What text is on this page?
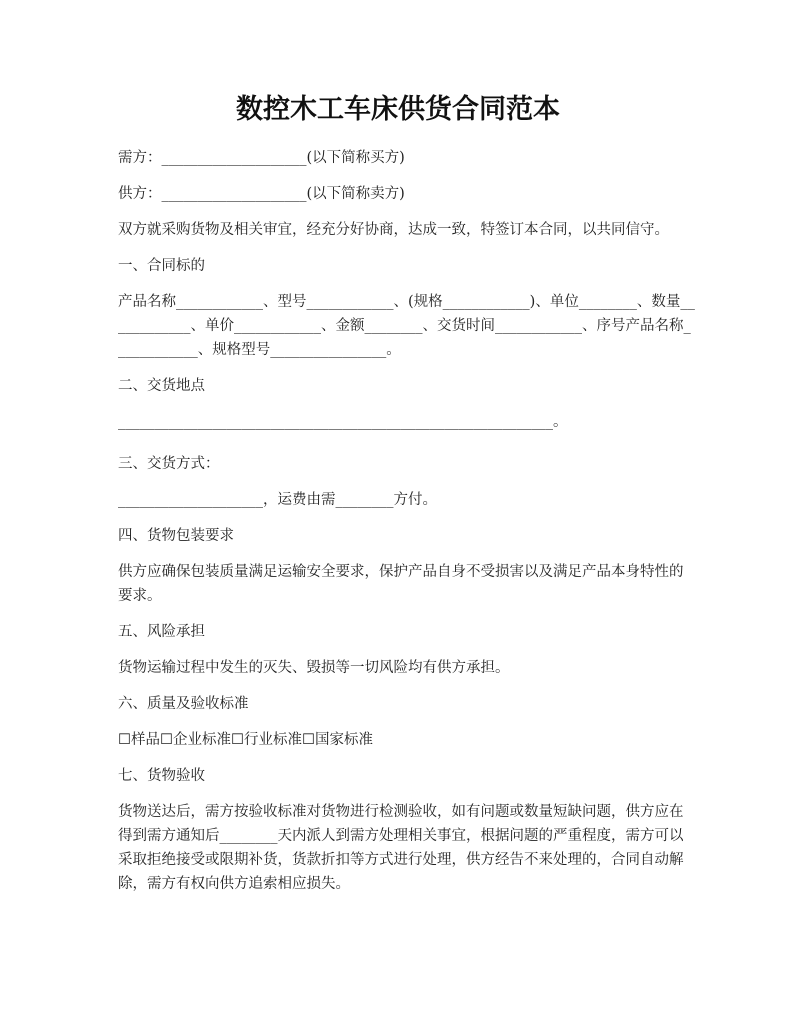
数控木工车床供货合同范本

需方：____________________(以下简称买方)

供方：____________________(以下简称卖方)

双方就采购货物及相关审宜，经充分好协商，达成一致，特签订本合同，以共同信守。

一、合同标的

产品名称____________、型号____________、(规格____________)、单位________、数量____________、单价____________、金额________、交货时间____________、序号产品名称____________、规格型号________________。

二、交货地点

____________________________________________________________。

三、交货方式：

____________________，运费由需________方付。

四、货物包装要求

供方应确保包装质量满足运输安全要求，保护产品自身不受损害以及满足产品本身特性的要求。

五、风险承担

货物运输过程中发生的灭失、毁损等一切风险均有供方承担。

六、质量及验收标准

☐样品☐企业标准☐行业标准☐国家标准

七、货物验收

货物送达后，需方按验收标准对货物进行检测验收，如有问题或数量短缺问题，供方应在得到需方通知后________天内派人到需方处理相关事宜，根据问题的严重程度，需方可以采取拒绝接受或限期补货，货款折扣等方式进行处理，供方经告不来处理的，合同自动解除，需方有权向供方追索相应损失。
